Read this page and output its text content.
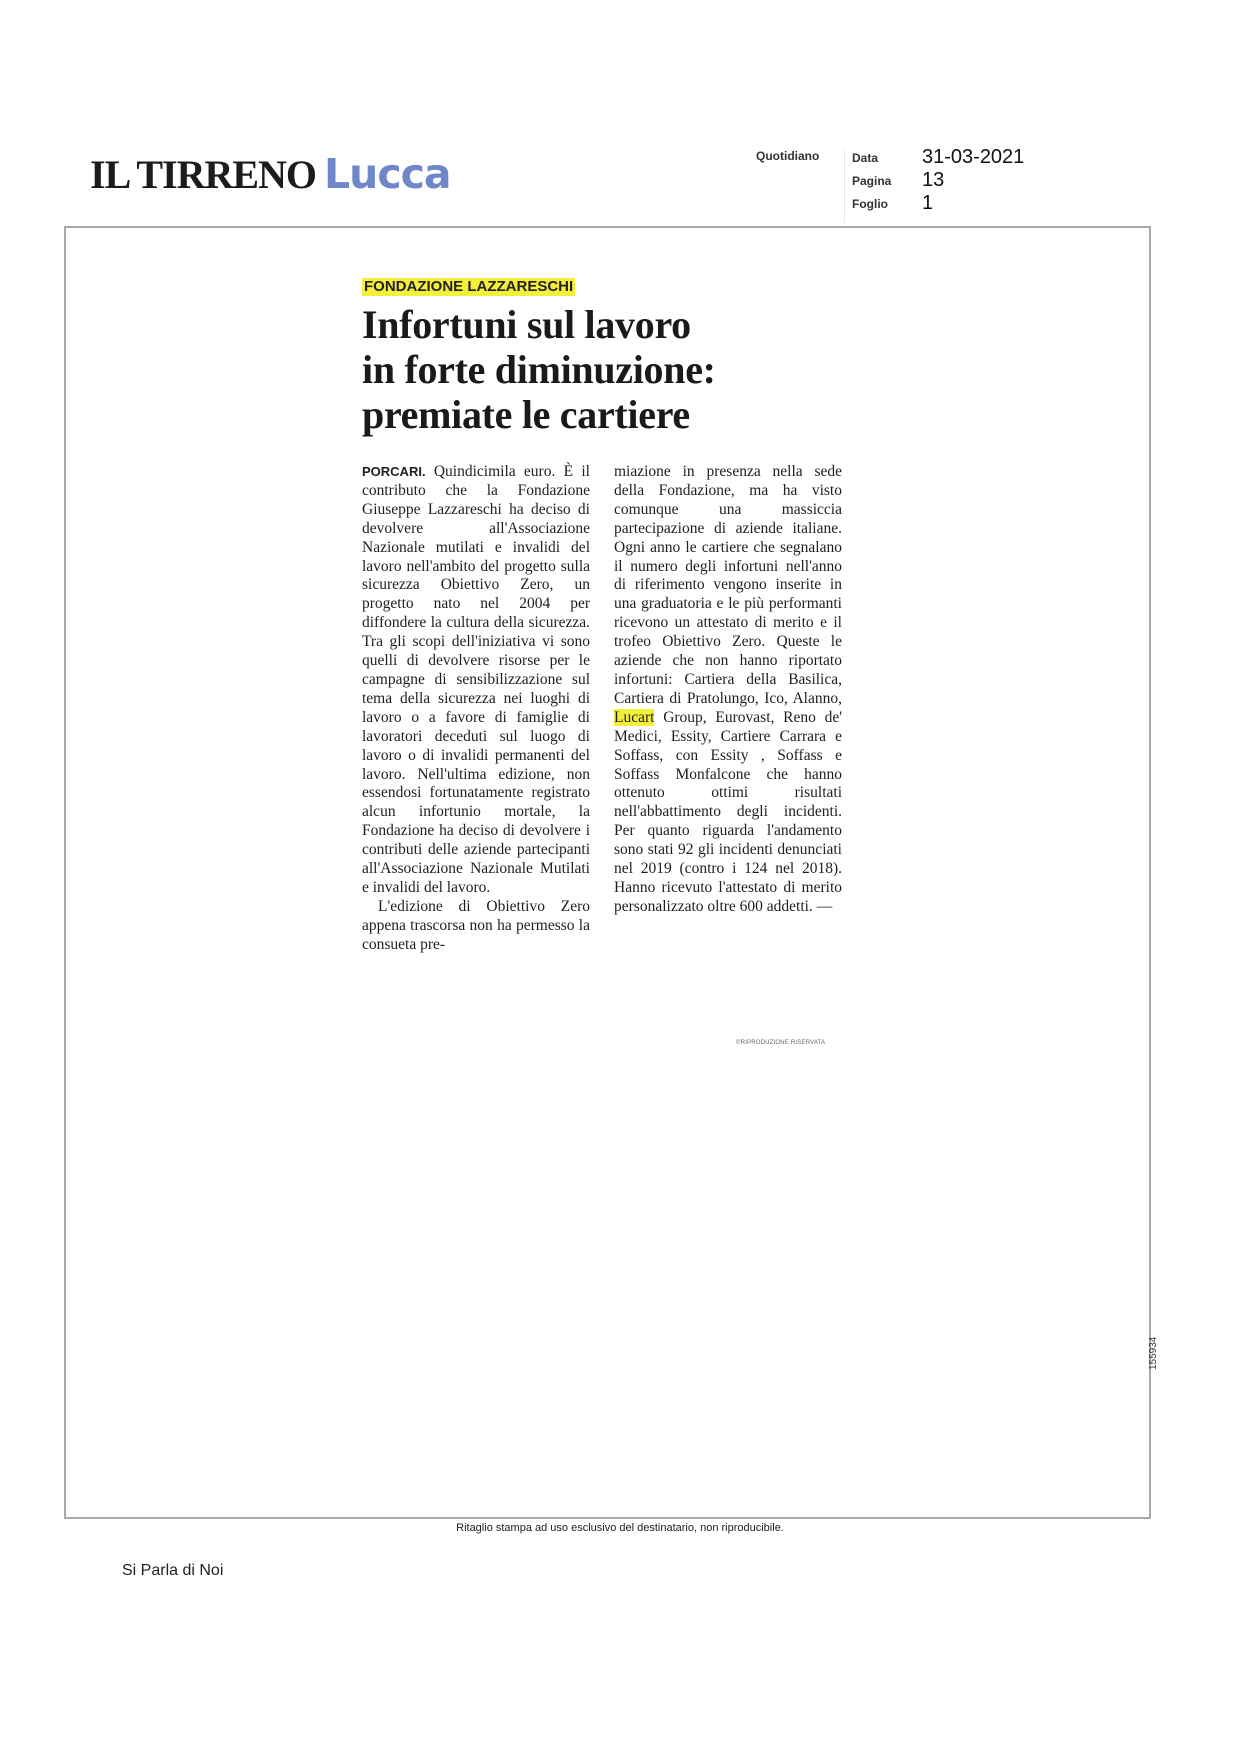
IL TIRRENO Lucca	Quotidiano	Data 31-03-2021
Pagina 13
Foglio 1
FONDAZIONE LAZZARESCHI
Infortuni sul lavoro
in forte diminuzione:
premiate le cartiere

PORCARI. Quindicimila euro. È il contributo che la Fondazione Giuseppe Lazzareschi ha deciso di devolvere all'Associazione Nazionale mutilati e invalidi del lavoro nell'ambito del progetto sulla sicurezza Obiettivo Zero, un progetto nato nel 2004 per diffondere la cultura della sicurezza. Tra gli scopi dell'iniziativa vi sono quelli di devolvere risorse per le campagne di sensibilizzazione sul tema della sicurezza nei luoghi di lavoro o a favore di famiglie di lavoratori deceduti sul luogo di lavoro o di invalidi permanenti del lavoro. Nell'ultima edizione, non essendosi fortunatamente registrato alcun infortunio mortale, la Fondazione ha deciso di devolvere i contributi delle aziende partecipanti all'Associazione Nazionale Mutilati e invalidi del lavoro.

L'edizione di Obiettivo Zero appena trascorsa non ha permesso la consueta pre-

miazione in presenza nella sede della Fondazione, ma ha visto comunque una massiccia partecipazione di aziende italiane. Ogni anno le cartiere che segnalano il numero degli infortuni nell'anno di riferimento vengono inserite in una graduatoria e le più performanti ricevono un attestato di merito e il trofeo Obiettivo Zero. Queste le aziende che non hanno riportato infortuni: Cartiera della Basilica, Cartiera di Pratolungo, Ico, Alanno, Lucart Group, Eurovast, Reno de' Medici, Essity, Cartiere Carrara e Soffass, con Essity , Soffass e Soffass Monfalcone che hanno ottenuto ottimi risultati nell'abbattimento degli incidenti. Per quanto riguarda l'andamento sono stati 92 gli incidenti denunciati nel 2019 (contro i 124 nel 2018). Hanno ricevuto l'attestato di merito personalizzato oltre 600 addetti. —

©RIPRODUZIONE RISERVATA
155934
Ritaglio stampa ad uso esclusivo del destinatario, non riproducibile.
Si Parla di Noi
